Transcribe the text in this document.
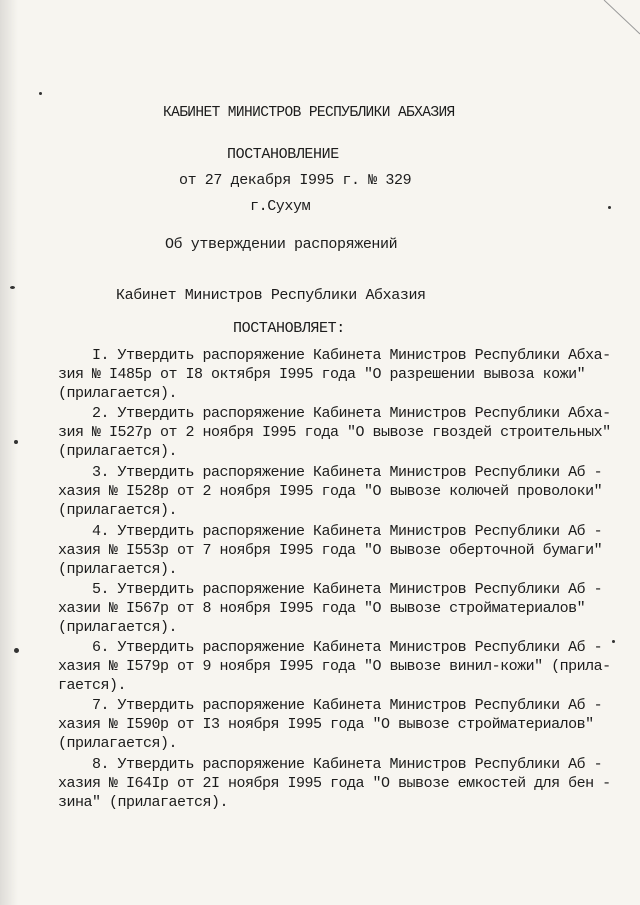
КАБИНЕТ МИНИСТРОВ РЕСПУБЛИКИ АБХАЗИЯ
ПОСТАНОВЛЕНИЕ
от 27 декабря I995 г. № 329
г.Сухум
Об утверждении распоряжений
Кабинет Министров Республики Абхазия
ПОСТАНОВЛЯЕТ:
I. Утвердить распоряжение Кабинета Министров Республики Абха-
зия № I485р от I8 октября I995 года "О разрешении вывоза кожи"
(прилагается).
2. Утвердить распоряжение Кабинета Министров Республики Абха-
зия № I527р от 2 ноября I995 года "О вывозе гвоздей строительных"
(прилагается).
3. Утвердить распоряжение Кабинета Министров Республики Аб -
хазия № I528р от 2 ноября I995 года "О вывозе колючей проволоки"
(прилагается).
4. Утвердить распоряжение Кабинета Министров Республики Аб -
хазия № I553р от 7 ноября I995 года "О вывозе оберточной бумаги"
(прилагается).
5. Утвердить распоряжение Кабинета Министров Республики Аб -
хазии № I567р от 8 ноября I995 года "О вывозе стройматериалов"
(прилагается).
6. Утвердить распоряжение Кабинета Министров Республики Аб -
хазия № I579р от 9 ноября I995 года "О вывозе винил-кожи" (прила-
гается).
7. Утвердить распоряжение Кабинета Министров Республики Аб -
хазия № I590р от I3 ноября I995 года "О вывозе стройматериалов"
(прилагается).
8. Утвердить распоряжение Кабинета Министров Республики Аб -
хазия № I64Iр от 2I ноября I995 года "О вывозе емкостей для бен -
зина" (прилагается).
